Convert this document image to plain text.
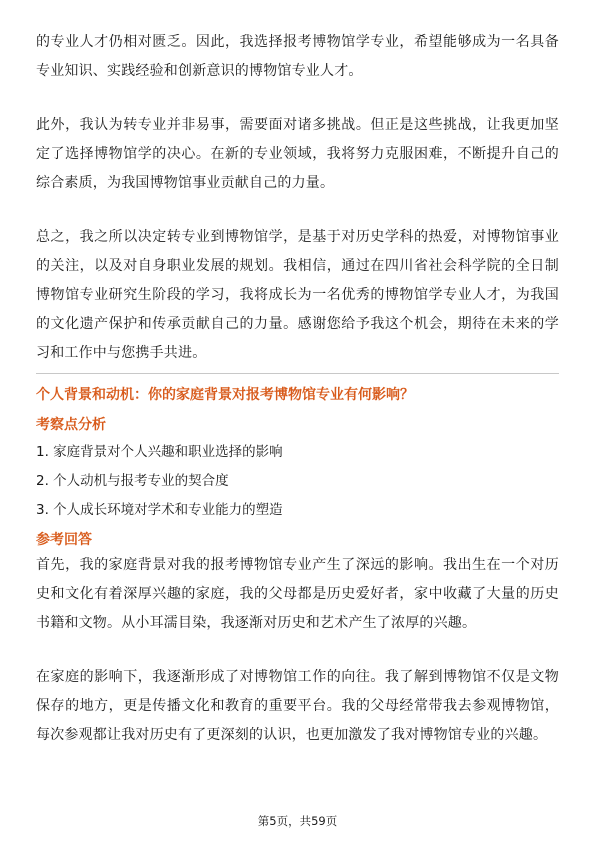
的专业人才仍相对匮乏。因此，我选择报考博物馆学专业，希望能够成为一名具备专业知识、实践经验和创新意识的博物馆专业人才。

此外，我认为转专业并非易事，需要面对诸多挑战。但正是这些挑战，让我更加坚定了选择博物馆学的决心。在新的专业领域，我将努力克服困难，不断提升自己的综合素质，为我国博物馆事业贡献自己的力量。

总之，我之所以决定转专业到博物馆学，是基于对历史学科的热爱，对博物馆事业的关注，以及对自身职业发展的规划。我相信，通过在四川省社会科学院的全日制博物馆专业研究生阶段的学习，我将成长为一名优秀的博物馆学专业人才，为我国的文化遗产保护和传承贡献自己的力量。感谢您给予我这个机会，期待在未来的学习和工作中与您携手共进。

个人背景和动机：你的家庭背景对报考博物馆专业有何影响？

考察点分析

1. 家庭背景对个人兴趣和职业选择的影响
2. 个人动机与报考专业的契合度
3. 个人成长环境对学术和专业能力的塑造

参考回答

首先，我的家庭背景对我的报考博物馆专业产生了深远的影响。我出生在一个对历史和文化有着深厚兴趣的家庭，我的父母都是历史爱好者，家中收藏了大量的历史书籍和文物。从小耳濡目染，我逐渐对历史和艺术产生了浓厚的兴趣。

在家庭的影响下，我逐渐形成了对博物馆工作的向往。我了解到博物馆不仅是文物保存的地方，更是传播文化和教育的重要平台。我的父母经常带我去参观博物馆，每次参观都让我对历史有了更深刻的认识，也更加激发了我对博物馆专业的兴趣。

第5页，共59页
